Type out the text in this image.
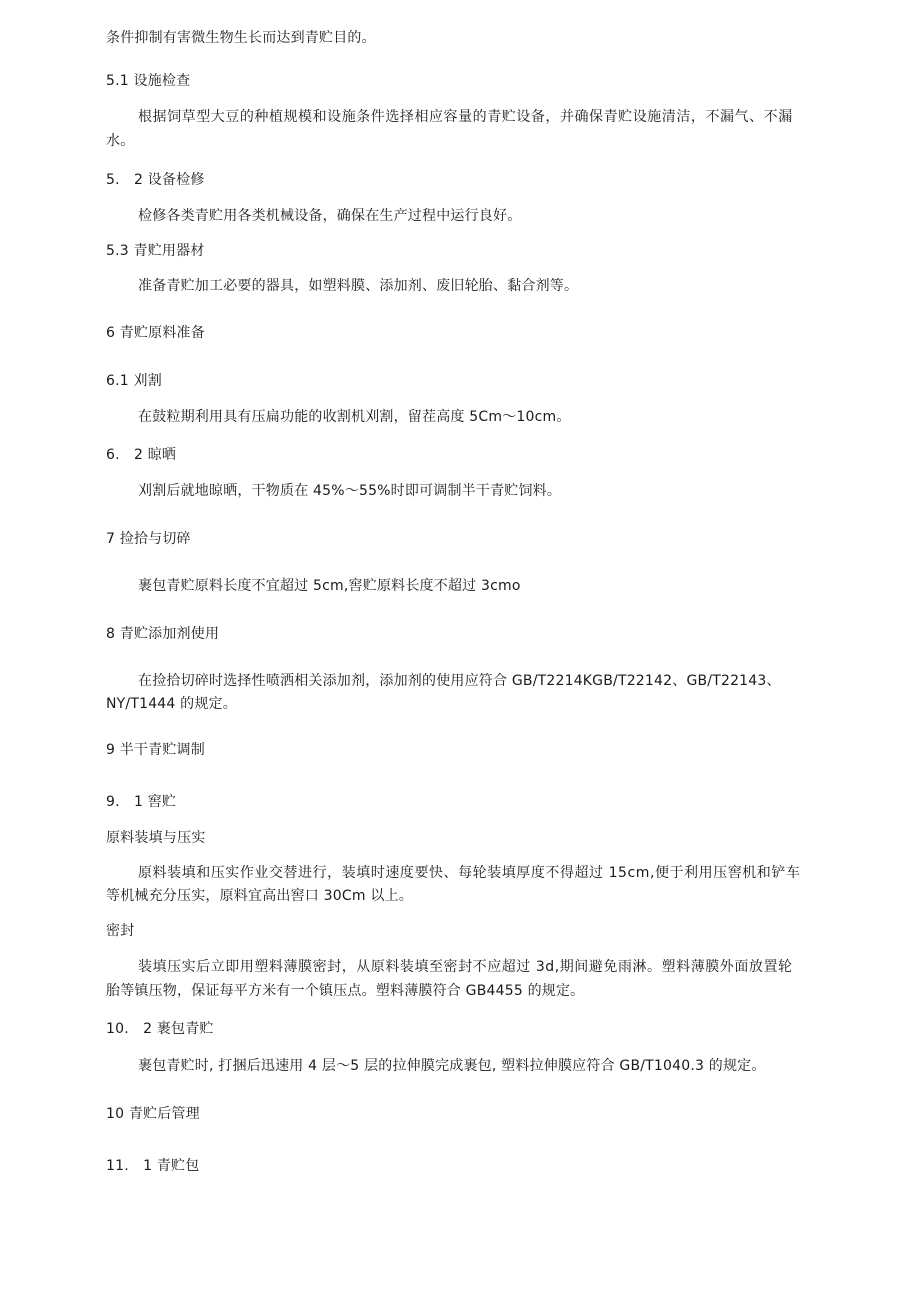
条件抑制有害微生物生长而达到青贮目的。
5.1 设施检查
根据饲草型大豆的种植规模和设施条件选择相应容量的青贮设备，并确保青贮设施清洁，不漏气、不漏
水。
5.　2 设备检修
检修各类青贮用各类机械设备，确保在生产过程中运行良好。
5.3 青贮用器材
准备青贮加工必要的器具，如塑料膜、添加剂、废旧轮胎、黏合剂等。
6 青贮原料准备
6.1 刈割
在鼓粒期利用具有压扁功能的收割机刈割，留茬高度 5Cm～10cm。
6.　2 晾晒
刈割后就地晾晒，干物质在 45%～55%时即可调制半干青贮饲料。
7 捡拾与切碎
裹包青贮原料长度不宜超过 5cm,窖贮原料长度不超过 3cmo
8 青贮添加剂使用
在捡拾切碎时选择性喷洒相关添加剂，添加剂的使用应符合 GB/T2214KGB/T22142、GB/T22143、
NY/T1444 的规定。
9 半干青贮调制
9.　1 窖贮
原料装填与压实
原料装填和压实作业交替进行，装填时速度要快、每轮装填厚度不得超过 15cm,便于利用压窖机和铲车
等机械充分压实，原料宜高出窖口 30Cm 以上。
密封
装填压实后立即用塑料薄膜密封，从原料装填至密封不应超过 3d,期间避免雨淋。塑料薄膜外面放置轮
胎等镇压物，保证每平方米有一个镇压点。塑料薄膜符合 GB4455 的规定。
10.　2 裹包青贮
裹包青贮时, 打捆后迅速用 4 层～5 层的拉伸膜完成裹包, 塑料拉伸膜应符合 GB/T1040.3 的规定。
10 青贮后管理
11.　1 青贮包
